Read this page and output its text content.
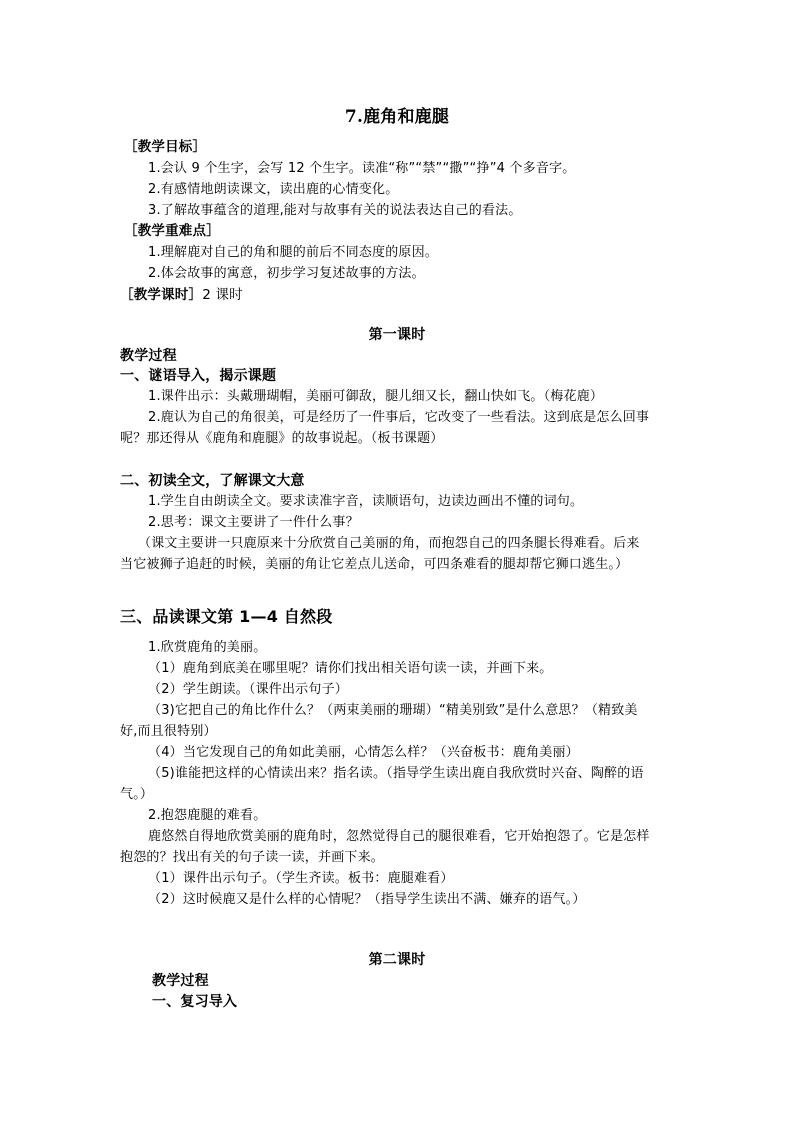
7.鹿角和鹿腿
［教学目标］
1.会认 9 个生字，会写 12 个生字。读准“称”“禁”“撒”“挣”4 个多音字。
2.有感情地朗读课文，读出鹿的心情变化。
3.了解故事蕴含的道理,能对与故事有关的说法表达自己的看法。
［教学重难点］
1.理解鹿对自己的角和腿的前后不同态度的原因。
2.体会故事的寓意，初步学习复述故事的方法。
［教学课时］2 课时
第一课时
教学过程
一、谜语导入，揭示课题
1.课件出示：头戴珊瑚帽，美丽可御敌，腿儿细又长，翻山快如飞。（梅花鹿）
2.鹿认为自己的角很美，可是经历了一件事后，它改变了一些看法。这到底是怎么回事
呢？那还得从《鹿角和鹿腿》的故事说起。（板书课题）
二、初读全文，了解课文大意
1.学生自由朗读全文。要求读准字音，读顺语句，边读边画出不懂的词句。
2.思考：课文主要讲了一件什么事？
（课文主要讲一只鹿原来十分欣赏自己美丽的角，而抱怨自己的四条腿长得难看。后来
当它被狮子追赶的时候，美丽的角让它差点儿送命，可四条难看的腿却帮它狮口逃生。）
三、品读课文第 1—4 自然段
1.欣赏鹿角的美丽。
（1）鹿角到底美在哪里呢？请你们找出相关语句读一读，并画下来。
（2）学生朗读。（课件出示句子）
（3)它把自己的角比作什么？（两束美丽的珊瑚）“精美别致”是什么意思？（精致美
好,而且很特别）
（4）当它发现自己的角如此美丽，心情怎么样？（兴奋板书：鹿角美丽）
（5)谁能把这样的心情读出来？指名读。（指导学生读出鹿自我欣赏时兴奋、陶醉的语
气。）
2.抱怨鹿腿的难看。
鹿悠然自得地欣赏美丽的鹿角时，忽然觉得自己的腿很难看，它开始抱怨了。它是怎样
抱怨的？找出有关的句子读一读，并画下来。
（1）课件出示句子。（学生齐读。板书：鹿腿难看）
（2）这时候鹿又是什么样的心情呢？（指导学生读出不满、嫌弃的语气。）
第二课时
教学过程
一、复习导入
